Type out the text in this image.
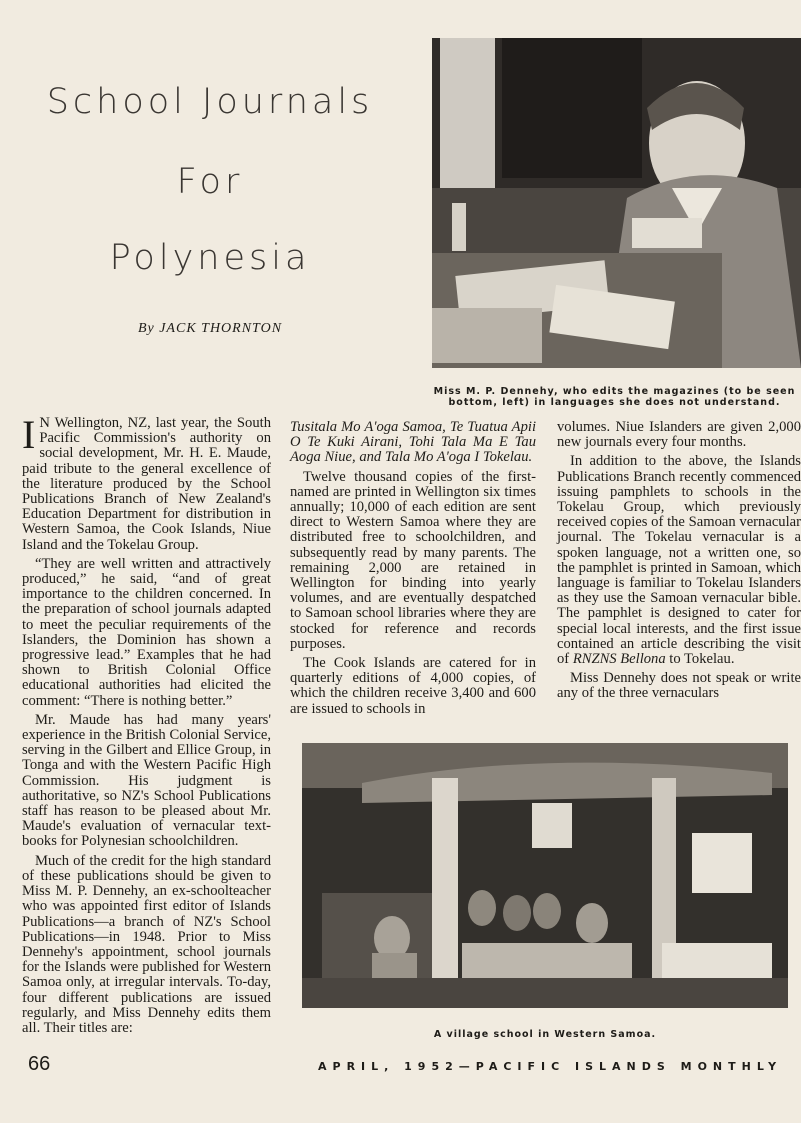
School Journals
For
Polynesia
By JACK THORNTON
Miss M. P. Dennehy, who edits the magazines (to be seen bottom, left) in languages she does not understand.

I N Wellington, NZ, last year, the South Pacific Commission's authority on social development, Mr. H. E. Maude, paid tribute to the general excellence of the literature produced by the School Publications Branch of New Zealand's Education Department for distribution in Western Samoa, the Cook Islands, Niue Island and the Tokelau Group.

“They are well written and attractively produced,” he said, “and of great importance to the children concerned. In the preparation of school journals adapted to meet the peculiar requirements of the Islanders, the Dominion has shown a progressive lead.” Examples that he had shown to British Colonial Office educational authorities had elicited the comment: “There is nothing better.”

Mr. Maude has had many years' experience in the British Colonial Service, serving in the Gilbert and Ellice Group, in Tonga and with the Western Pacific High Commission. His judgment is authoritative, so NZ's School Publications staff has reason to be pleased about Mr. Maude's evaluation of vernacular text-books for Polynesian schoolchildren.

Much of the credit for the high standard of these publications should be given to Miss M. P. Dennehy, an ex-schoolteacher who was appointed first editor of Islands Publications—a branch of NZ's School Publications—in 1948. Prior to Miss Dennehy's appointment, school journals for the Islands were published for Western Samoa only, at irregular intervals. To-day, four different publications are issued regularly, and Miss Dennehy edits them all. Their titles are:

Tusitala Mo A'oga Samoa, Te Tuatua Apii O Te Kuki Airani, Tohi Tala Ma E Tau Aoga Niue, and Tala Mo A'oga I Tokelau.

Twelve thousand copies of the first-named are printed in Wellington six times annually; 10,000 of each edition are sent direct to Western Samoa where they are distributed free to schoolchildren, and subsequently read by many parents. The remaining 2,000 are retained in Wellington for binding into yearly volumes, and are eventually despatched to Samoan school libraries where they are stocked for reference and records purposes.

The Cook Islands are catered for in quarterly editions of 4,000 copies, of which the children receive 3,400 and 600 are issued to schools in

volumes. Niue Islanders are given 2,000 new journals every four months.

In addition to the above, the Islands Publications Branch recently commenced issuing pamphlets to schools in the Tokelau Group, which previously received copies of the Samoan vernacular journal. The Tokelau vernacular is a spoken language, not a written one, so the pamphlet is printed in Samoan, which language is familiar to Tokelau Islanders as they use the Samoan vernacular bible. The pamphlet is designed to cater for special local interests, and the first issue contained an article describing the visit of RNZNS Bellona to Tokelau.

Miss Dennehy does not speak or write any of the three vernaculars

A village school in Western Samoa.
66	APRIL, 1952—PACIFIC ISLANDS MONTHLY
